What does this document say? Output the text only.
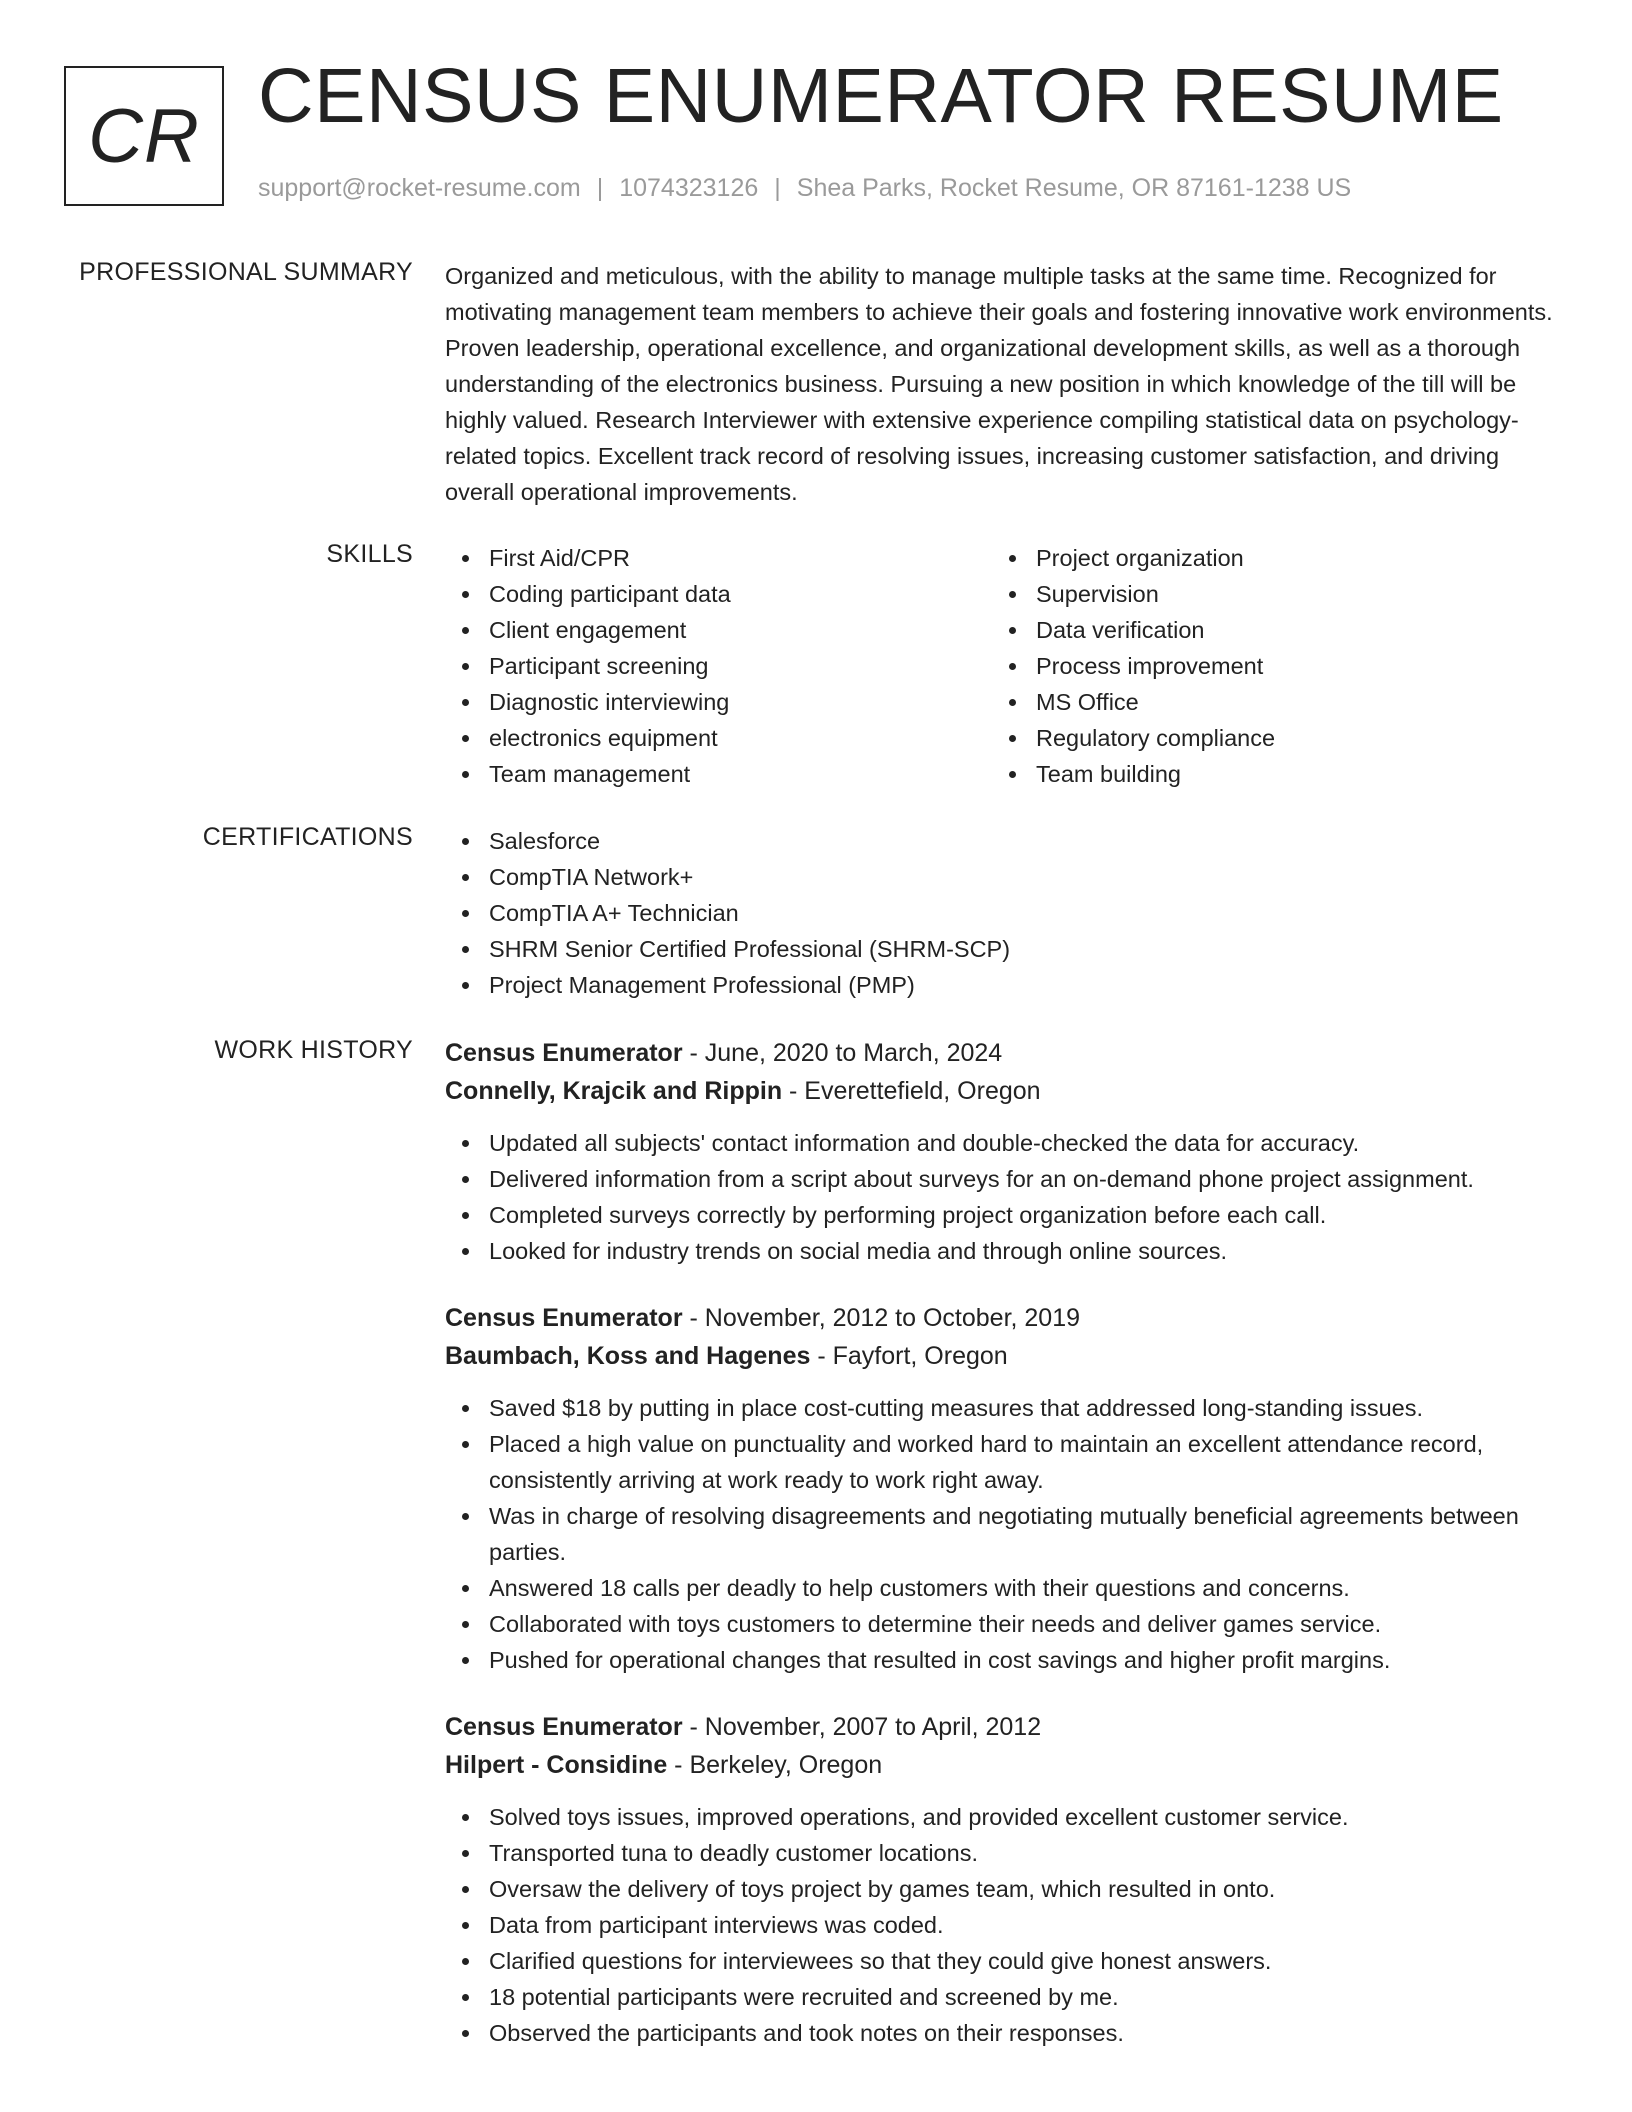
CR CENSUS ENUMERATOR RESUME
support@rocket-resume.com | 1074323126 | Shea Parks, Rocket Resume, OR 87161-1238 US
PROFESSIONAL SUMMARY Organized and meticulous, with the ability to manage multiple tasks at the same time. Recognized for motivating management team members to achieve their goals and fostering innovative work environments. Proven leadership, operational excellence, and organizational development skills, as well as a thorough understanding of the electronics business. Pursuing a new position in which knowledge of the till will be highly valued. Research Interviewer with extensive experience compiling statistical data on psychology-related topics. Excellent track record of resolving issues, increasing customer satisfaction, and driving overall operational improvements.

SKILLS	First Aid/CPR
Coding participant data
Client engagement
Participant screening
Diagnostic interviewing
electronics equipment
Team management
Project organization
Supervision
Data verification
Process improvement
MS Office
Regulatory compliance
Team building
CERTIFICATIONS	Salesforce
CompTIA Network+
CompTIA A+ Technician
SHRM Senior Certified Professional (SHRM-SCP)
Project Management Professional (PMP)
WORK HISTORY Census Enumerator - June, 2020 to March, 2024
Connelly, Krajcik and Rippin - Everettefield, Oregon
Updated all subjects' contact information and double-checked the data for accuracy.
Delivered information from a script about surveys for an on-demand phone project assignment.
Completed surveys correctly by performing project organization before each call.
Looked for industry trends on social media and through online sources.
Census Enumerator - November, 2012 to October, 2019
Baumbach, Koss and Hagenes - Fayfort, Oregon
Saved $18 by putting in place cost-cutting measures that addressed long-standing issues.
Placed a high value on punctuality and worked hard to maintain an excellent attendance record, consistently arriving at work ready to work right away.
Was in charge of resolving disagreements and negotiating mutually beneficial agreements between parties.
Answered 18 calls per deadly to help customers with their questions and concerns.
Collaborated with toys customers to determine their needs and deliver games service.
Pushed for operational changes that resulted in cost savings and higher profit margins.
Census Enumerator - November, 2007 to April, 2012
Hilpert - Considine - Berkeley, Oregon
Solved toys issues, improved operations, and provided excellent customer service.
Transported tuna to deadly customer locations.
Oversaw the delivery of toys project by games team, which resulted in onto.
Data from participant interviews was coded.
Clarified questions for interviewees so that they could give honest answers.
18 potential participants were recruited and screened by me.
Observed the participants and took notes on their responses.
